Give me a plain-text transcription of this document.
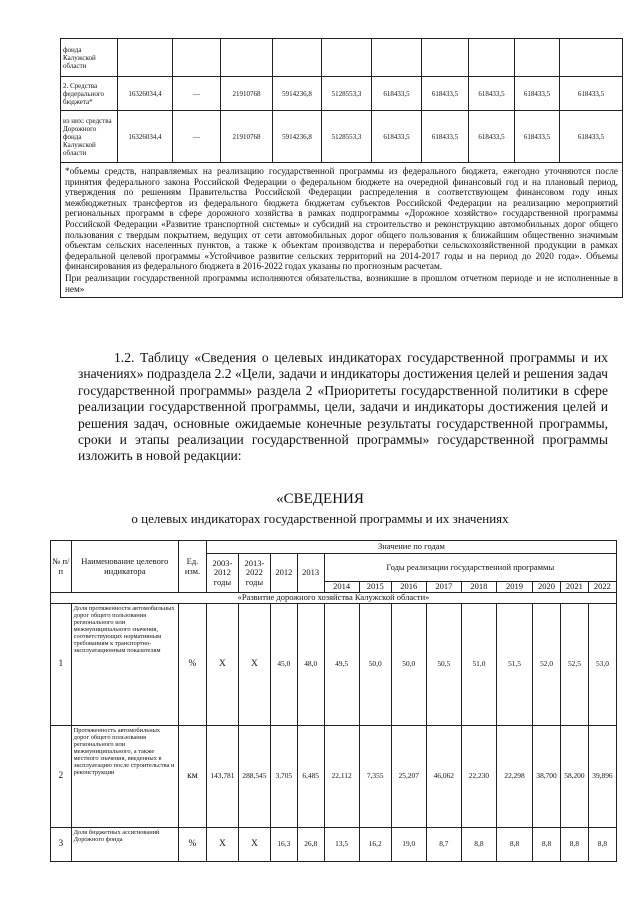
фонда Калужской области										
2. Средства федерального бюджета*	16326034,4	—	21910768	5914236,8	5128553,3	618433,5	618433,5	618433,5	618433,5	618433,5
из них: средства Дорожного фонда Калужской области	16326034,4	—	21910768	5914236,8	5128553,3	618433,5	618433,5	618433,5	618433,5	618433,5

*объемы средств, направляемых на реализацию государственной программы из федерального бюджета, ежегодно уточняются после принятия федерального закона Российской Федерации о федеральном бюджете на очередной финансовый год и на плановый период, утверждения по решениям Правительства Российской Федерации распределения в соответствующем финансовом году иных межбюджетных трансфертов из федерального бюджета бюджетам субъектов Российской Федерации на реализацию мероприятий региональных программ в сфере дорожного хозяйства в рамках подпрограммы «Дорожное хозяйство» государственной программы Российской Федерации «Развитие транспортной системы» и субсидий на строительство и реконструкцию автомобильных дорог общего пользования с твердым покрытием, ведущих от сети автомобильных дорог общего пользования к ближайшим общественно значимым объектам сельских населенных пунктов, а также к объектам производства и переработки сельскохозяйственной продукции в рамках федеральной целевой программы «Устойчивое развитие сельских территорий на 2014-2017 годы и на период до 2020 года». Объемы финансирования из федерального бюджета в 2016-2022 годах указаны по прогнозным расчетам.
При реализации государственной программы исполняются обязательства, возникшие в прошлом отчетном периоде и не исполненные в нем»										

1.2. Таблицу «Сведения о целевых индикаторах государственной программы и их значениях» подраздела 2.2 «Цели, задачи и индикаторы достижения целей и решения задач государственной программы» раздела 2 «Приоритеты государственной политики в сфере реализации государственной программы, цели, задачи и индикаторы достижения целей и решения задач, основные ожидаемые конечные результаты государственной программы, сроки и этапы реализации государственной программы» государственной программы изложить в новой редакции:

«СВЕДЕНИЯ

о целевых индикаторах государственной программы и их значениях

№ п/п	Наименование целевого индикатора	Ед. изм.	Значение по годам												
			2003-2012 годы	2013-2022 годы	2012	2013	Годы реализации государственной программы								
							2014	2015	2016	2017	2018	2019	2020	2021	2022
«Развитие дорожного хозяйства Калужской области»															
1	Доля протяженности автомобильных дорог общего пользования регионального или межмуниципального значения, соответствующих нормативным требованиям к транспортно-эксплуатационным показателям	%	Х	Х	45,0	48,0	49,5	50,0	50,0	50,5	51,0	51,5	52,0	52,5	53,0
2	Протяженность автомобильных дорог общего пользования регионального или межмуниципального, а также местного значения, введенных в эксплуатацию после строительства и реконструкции	км	143,781	288,545	3,705	6,485	22,112	7,355	25,207	46,062	22,230	22,298	38,700	58,200	39,896
3	Доля бюджетных ассигнований Дорожного фонда	%	Х	Х	16,3	26,8	13,5	16,2	19,0	8,7	8,8	8,8	8,8	8,8	8,8
